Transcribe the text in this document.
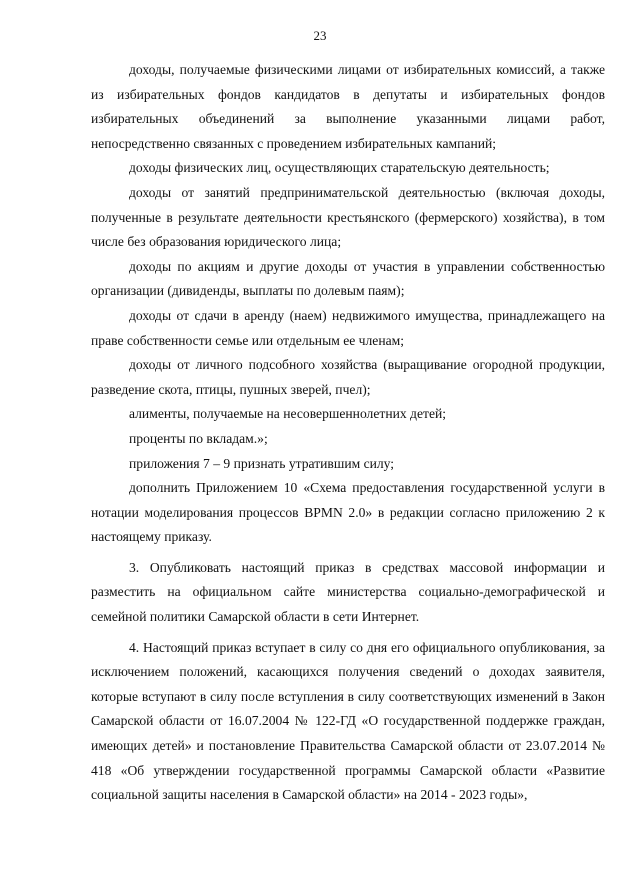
23

доходы, получаемые физическими лицами от избирательных комиссий, а также из избирательных фондов кандидатов в депутаты и избирательных фондов избирательных объединений за выполнение указанными лицами работ, непосредственно связанных с проведением избирательных кампаний;

доходы физических лиц, осуществляющих старательскую деятельность;

доходы от занятий предпринимательской деятельностью (включая доходы, полученные в результате деятельности крестьянского (фермерского) хозяйства), в том числе без образования юридического лица;

доходы по акциям и другие доходы от участия в управлении собственностью организации (дивиденды, выплаты по долевым паям);

доходы от сдачи в аренду (наем) недвижимого имущества, принадлежащего на праве собственности семье или отдельным ее членам;

доходы от личного подсобного хозяйства (выращивание огородной продукции, разведение скота, птицы, пушных зверей, пчел);

алименты, получаемые на несовершеннолетних детей;

проценты по вкладам.»;

приложения 7 – 9 признать утратившим силу;

дополнить Приложением 10 «Схема предоставления государственной услуги в нотации моделирования процессов BPMN 2.0» в редакции согласно приложению 2 к настоящему приказу.

3. Опубликовать настоящий приказ в средствах массовой информации и разместить на официальном сайте министерства социально-демографической и семейной политики Самарской области в сети Интернет.

4. Настоящий приказ вступает в силу со дня его официального опубликования, за исключением положений, касающихся получения сведений о доходах заявителя, которые вступают в силу после вступления в силу соответствующих изменений в Закон Самарской области от 16.07.2004 № 122-ГД «О государственной поддержке граждан, имеющих детей» и постановление Правительства Самарской области от 23.07.2014 № 418 «Об утверждении государственной программы Самарской области «Развитие социальной защиты населения в Самарской области» на 2014 - 2023 годы»,
